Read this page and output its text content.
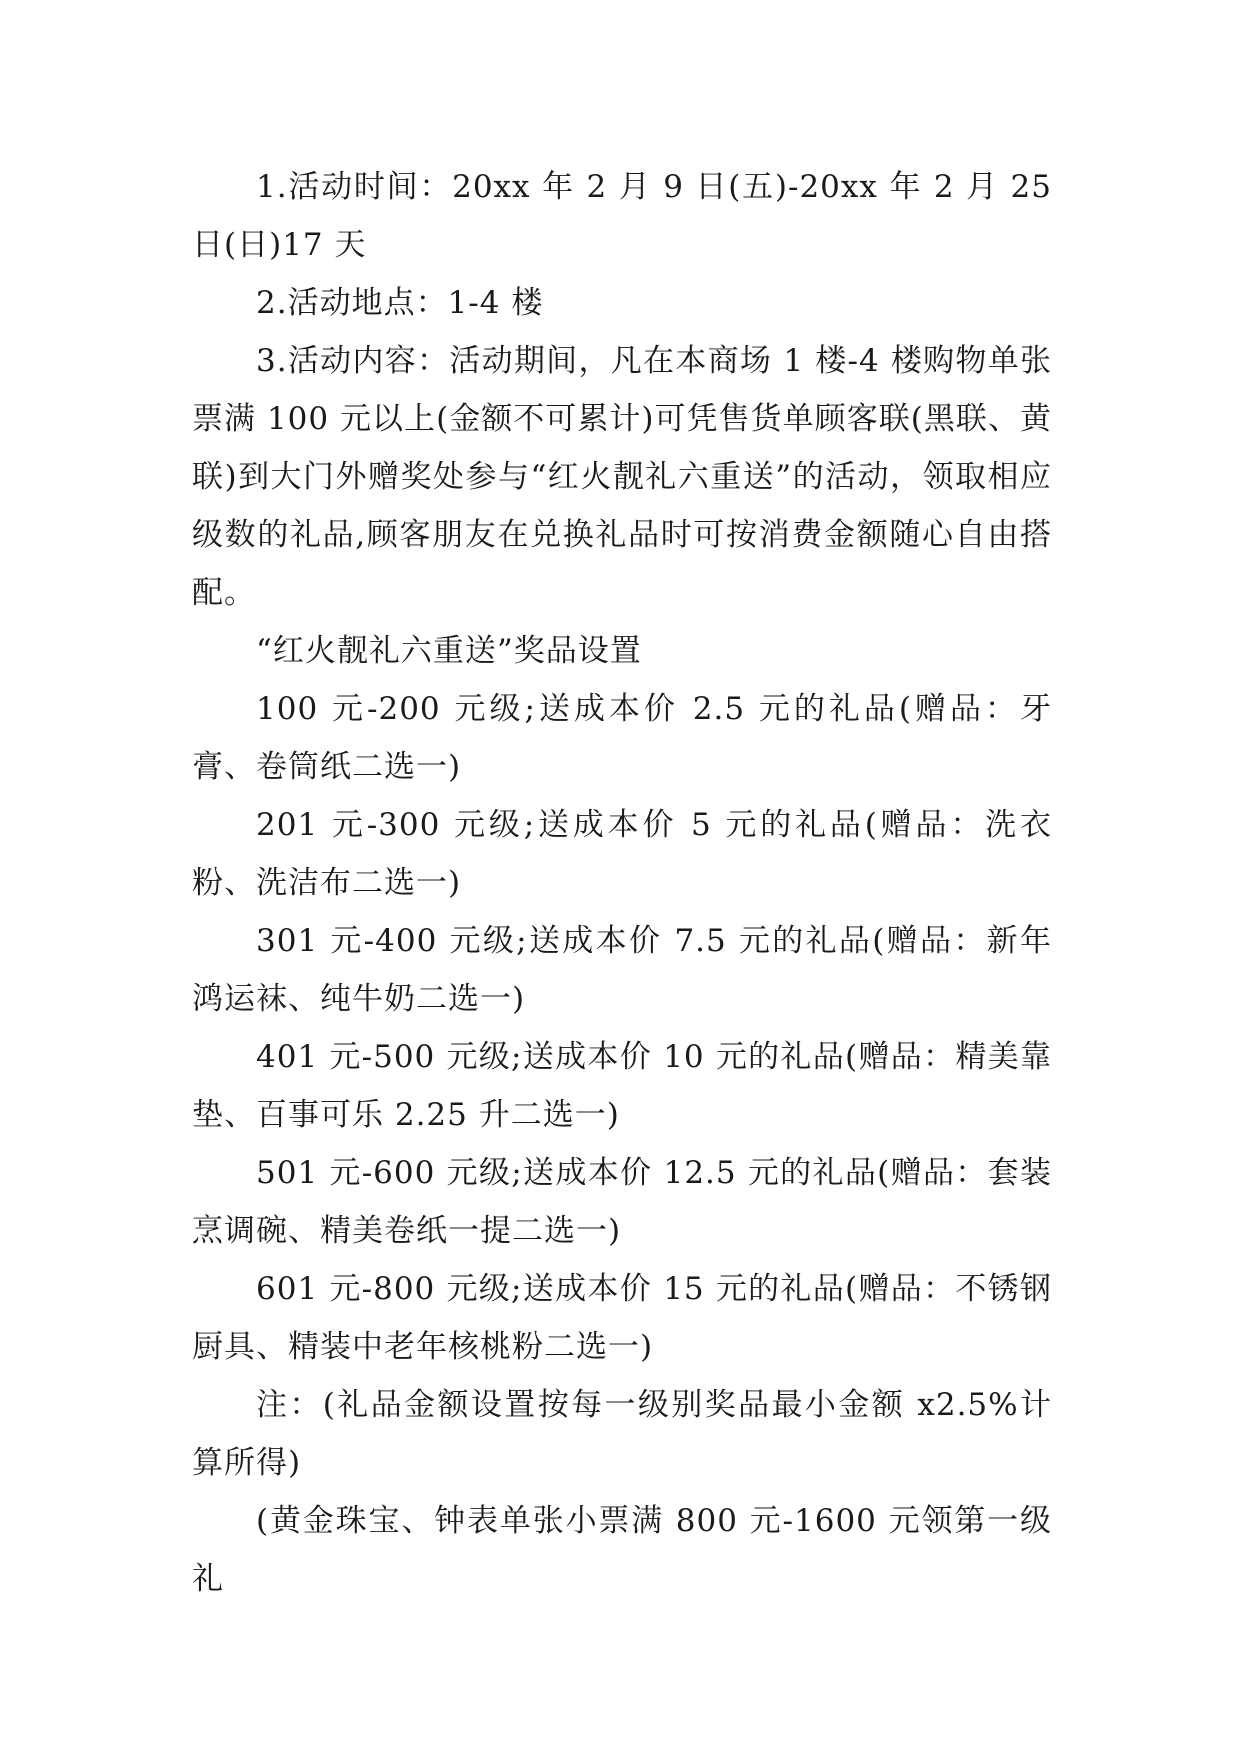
1.活动时间：20xx 年 2 月 9 日(五)-20xx 年 2 月 25 日(日)17 天

2.活动地点：1-4 楼

3.活动内容：活动期间，凡在本商场 1 楼-4 楼购物单张票满 100 元以上(金额不可累计)可凭售货单顾客联(黑联、黄联)到大门外赠奖处参与“红火靓礼六重送”的活动，领取相应级数的礼品,顾客朋友在兑换礼品时可按消费金额随心自由搭配。

“红火靓礼六重送”奖品设置

100 元-200 元级;送成本价 2.5 元的礼品(赠品：牙膏、卷筒纸二选一)

201 元-300 元级;送成本价 5 元的礼品(赠品：洗衣粉、洗洁布二选一)

301 元-400 元级;送成本价 7.5 元的礼品(赠品：新年鸿运袜、纯牛奶二选一)

401 元-500 元级;送成本价 10 元的礼品(赠品：精美靠垫、百事可乐 2.25 升二选一)

501 元-600 元级;送成本价 12.5 元的礼品(赠品：套装烹调碗、精美卷纸一提二选一)

601 元-800 元级;送成本价 15 元的礼品(赠品：不锈钢厨具、精装中老年核桃粉二选一)

注：(礼品金额设置按每一级别奖品最小金额 x2.5%计算所得)

(黄金珠宝、钟表单张小票满 800 元-1600 元领第一级礼
